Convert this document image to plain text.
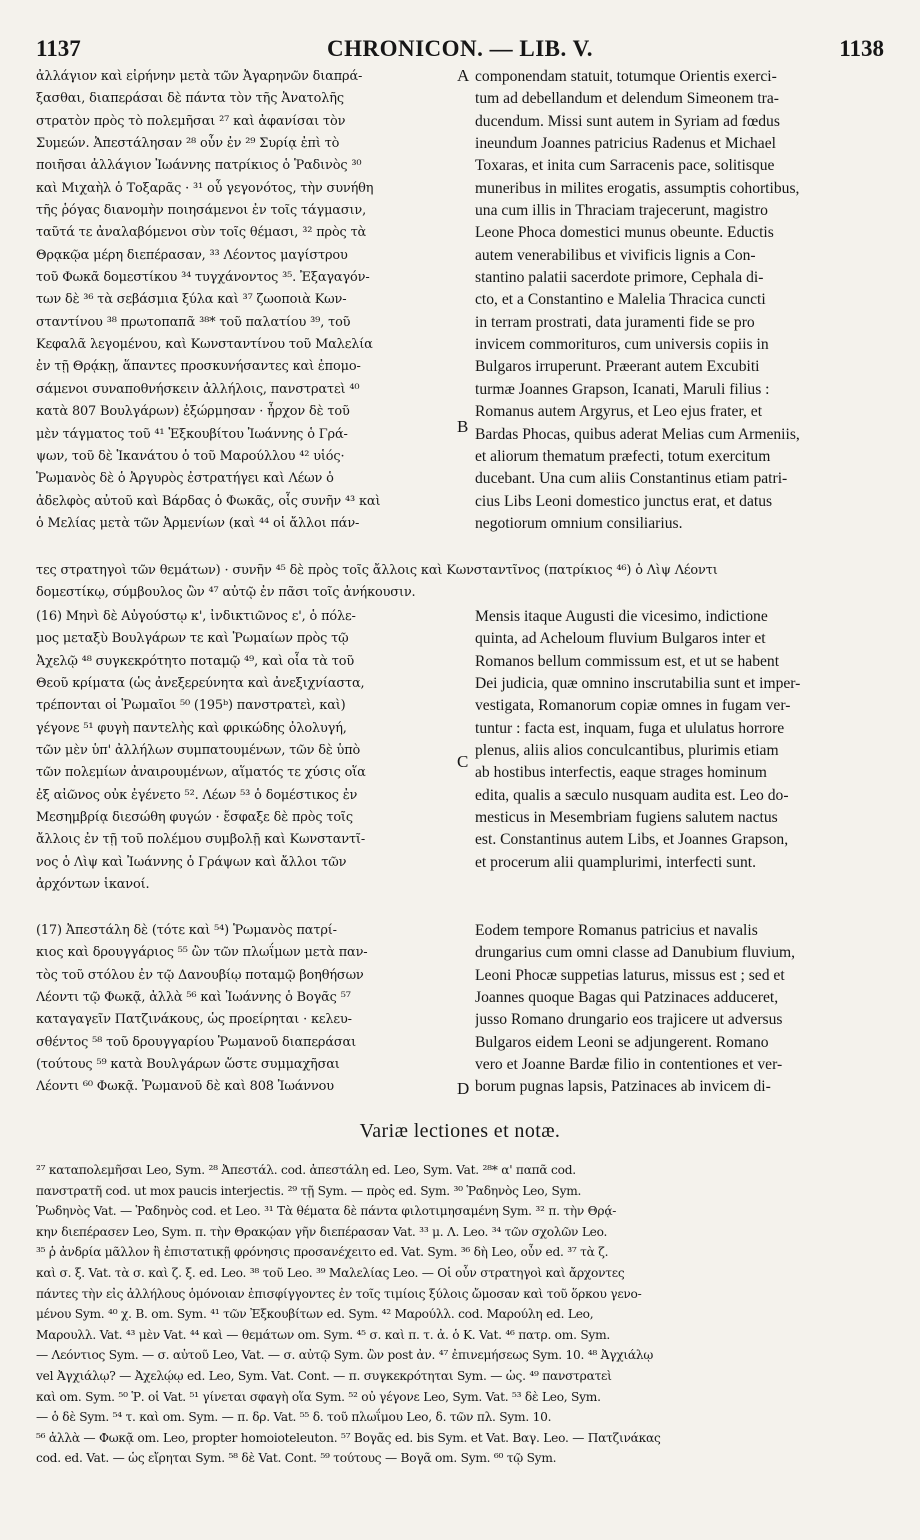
1137	CHRONICON. — LIB. V.	1138
ἀλλάγιον καὶ εἰρήνην μετὰ τῶν Ἀγαρηνῶν διαπρά-
ξασθαι, διαπεράσαι δὲ πάντα τὸν τῆς Ἀνατολῆς
στρατὸν πρὸς τὸ πολεμῆσαι ²⁷ καὶ ἀφανίσαι τὸν
Συμεών. Ἀπεστάλησαν ²⁸ οὖν ἐν ²⁹ Συρίᾳ ἐπὶ τὸ
ποιῆσαι ἀλλάγιον Ἰωάννης πατρίκιος ὁ Ῥαδινὸς ³⁰
καὶ Μιχαὴλ ὁ Τοξαρᾶς · ³¹ οὗ γεγονότος, τὴν συνήθη
τῆς ῥόγας διανομὴν ποιησάμενοι ἐν τοῖς τάγμασιν,
ταῦτά τε ἀναλαβόμενοι σὺν τοῖς θέμασι, ³² πρὸς τὰ
Θρᾳκῷα μέρη διεπέρασαν, ³³ Λέοντος μαγίστρου
τοῦ Φωκᾶ δομεστίκου ³⁴ τυγχάνοντος ³⁵. Ἐξαγαγόν-
των δὲ ³⁶ τὰ σεβάσμια ξύλα καὶ ³⁷ ζωοποιὰ Κων-
σταντίνου ³⁸ πρωτοπαπᾶ ³⁸* τοῦ παλατίου ³⁹, τοῦ
Κεφαλᾶ λεγομένου, καὶ Κωνσταντίνου τοῦ Μαλελία
ἐν τῇ Θρᾴκῃ, ἅπαντες προσκυνήσαντες καὶ ἐπομο-
σάμενοι συναποθνήσκειν ἀλλήλοις, πανστρατεὶ ⁴⁰
κατὰ 807 Βουλγάρων) ἐξώρμησαν · ἦρχον δὲ τοῦ
μὲν τάγματος τοῦ ⁴¹ Ἐξκουβίτου Ἰωάννης ὁ Γρά-
ψων, τοῦ δὲ Ἱκανάτου ὁ τοῦ Μαρούλλου ⁴² υἱός·
Ῥωμανὸς δὲ ὁ Ἀργυρὸς ἐστρατήγει καὶ Λέων ὁ
ἀδελφὸς αὐτοῦ καὶ Βάρδας ὁ Φωκᾶς, οἷς συνῆν ⁴³ καὶ
ὁ Μελίας μετὰ τῶν Ἀρμενίων (καὶ ⁴⁴ οἱ ἄλλοι πάν-
componendam statuit, totumque Orientis exerci-
tum ad debellandum et delendum Simeonem tra-
ducendum. Missi sunt autem in Syriam ad fœdus
ineundum Joannes patricius Radenus et Michael
Toxaras, et inita cum Sarracenis pace, solitisque
muneribus in milites erogatis, assumptis cohortibus,
una cum illis in Thraciam trajecerunt, magistro
Leone Phoca domestici munus obeunte. Eductis
autem venerabilibus et vivificis lignis a Con-
stantino palatii sacerdote primore, Cephala di-
cto, et a Constantino e Malelia Thracica cuncti
in terram prostrati, data juramenti fide se pro
invicem commorituros, cum universis copiis in
Bulgaros irruperunt. Præerant autem Excubiti
turmæ Joannes Grapson, Icanati, Maruli filius :
Romanus autem Argyrus, et Leo ejus frater, et
Bardas Phocas, quibus aderat Melias cum Armeniis,
et aliorum thematum præfecti, totum exercitum
ducebant. Una cum aliis Constantinus etiam patri-
cius Libs Leoni domestico junctus erat, et datus
negotiorum omnium consiliarius.
τες στρατηγοὶ τῶν θεμάτων) · συνῆν ⁴⁵ δὲ πρὸς τοῖς ἄλλοις καὶ Κωνσταντῖνος (πατρίκιος ⁴⁶) ὁ Λὶψ Λέοντι
δομεστίκῳ, σύμβουλος ὢν ⁴⁷ αὐτῷ ἐν πᾶσι τοῖς ἀνήκουσιν.
(16) Μηνὶ δὲ Αὐγούστῳ κ', ἰνδικτιῶνος ε', ὁ πόλε-
μος μεταξὺ Βουλγάρων τε καὶ Ῥωμαίων πρὸς τῷ
Ἀχελῷ ⁴⁸ συγκεκρότητο ποταμῷ ⁴⁹, καὶ οἷα τὰ τοῦ
Θεοῦ κρίματα (ὡς ἀνεξερεύνητα καὶ ἀνεξιχνίαστα,
τρέπονται οἱ Ῥωμαῖοι ⁵⁰ (195ᵇ) πανστρατεὶ, καὶ)
γέγονε ⁵¹ φυγὴ παντελὴς καὶ φρικώδης ὀλολυγή,
τῶν μὲν ὑπ' ἀλλήλων συμπατουμένων, τῶν δὲ ὑπὸ
τῶν πολεμίων ἀναιρουμένων, αἵματός τε χύσις οἵα
ἐξ αἰῶνος οὐκ ἐγένετο ⁵². Λέων ⁵³ ὁ δομέστικος ἐν
Μεσημβρίᾳ διεσώθη φυγών · ἔσφαξε δὲ πρὸς τοῖς
ἄλλοις ἐν τῇ τοῦ πολέμου συμβολῇ καὶ Κωνσταντῖ-
νος ὁ Λὶψ καὶ Ἰωάννης ὁ Γράψων καὶ ἄλλοι τῶν
ἀρχόντων ἱκανοί.
Mensis itaque Augusti die vicesimo, indictione
quinta, ad Acheloum fluvium Bulgaros inter et
Romanos bellum commissum est, et ut se habent
Dei judicia, quæ omnino inscrutabilia sunt et imper-
vestigata, Romanorum copiæ omnes in fugam ver-
tuntur : facta est, inquam, fuga et ululatus horrore
plenus, aliis alios conculcantibus, plurimis etiam
ab hostibus interfectis, eaque strages hominum
edita, qualis a sæculo nusquam audita est. Leo do-
mesticus in Mesembriam fugiens salutem nactus
est. Constantinus autem Libs, et Joannes Grapson,
et procerum alii quamplurimi, interfecti sunt.
(17) Ἀπεστάλη δὲ (τότε καὶ ⁵⁴) Ῥωμανὸς πατρί-
κιος καὶ δρουγγάριος ⁵⁵ ὢν τῶν πλωΐμων μετὰ παν-
τὸς τοῦ στόλου ἐν τῷ Δανουβίῳ ποταμῷ βοηθήσων
Λέοντι τῷ Φωκᾷ, ἀλλὰ ⁵⁶ καὶ Ἰωάννης ὁ Βογᾶς ⁵⁷
καταγαγεῖν Πατζινάκους, ὡς προείρηται · κελευ-
σθέντος ⁵⁸ τοῦ δρουγγαρίου Ῥωμανοῦ διαπεράσαι
(τούτους ⁵⁹ κατὰ Βουλγάρων ὥστε συμμαχῆσαι
Λέοντι ⁶⁰ Φωκᾷ. Ῥωμανοῦ δὲ καὶ 808 Ἰωάννου
Eodem tempore Romanus patricius et navalis
drungarius cum omni classe ad Danubium fluvium,
Leoni Phocæ suppetias laturus, missus est ; sed et
Joannes quoque Bagas qui Patzinaces adduceret,
jusso Romano drungario eos trajicere ut adversus
Bulgaros eidem Leoni se adjungerent. Romano
vero et Joanne Bardæ filio in contentiones et ver-
borum pugnas lapsis, Patzinaces ab invicem di-
A
B
C
D
Variæ lectiones et notæ.
²⁷ καταπολεμῆσαι Leo, Sym. ²⁸ Ἀπεστάλ. cod. ἀπεστάλη ed. Leo, Sym. Vat. ²⁸* α' παπᾶ cod.
πανστρατῆ cod. ut mox paucis interjectis. ²⁹ τῇ Sym. — πρὸς ed. Sym. ³⁰ Ῥαδηνὸς Leo, Sym.
Ῥωδηνὸς Vat. — Ῥαδηνὸς cod. et Leo. ³¹ Τὰ θέματα δὲ πάντα φιλοτιμησαμένη Sym. ³² π. τὴν Θρᾴ-
κην διεπέρασεν Leo, Sym. π. τὴν Θρακῴαν γῆν διεπέρασαν Vat. ³³ μ. Λ. Leo. ³⁴ τῶν σχολῶν Leo.
³⁵ ῥ ἀνδρία μᾶλλον ἢ ἐπιστατικῇ φρόνησις προσανέχειτο ed. Vat. Sym. ³⁶ δὴ Leo, οὖν ed. ³⁷ τὰ ζ.
καὶ σ. ξ. Vat. τὰ σ. καὶ ζ. ξ. ed. Leo. ³⁸ τοῦ Leo. ³⁹ Μαλελίας Leo. — Οἱ οὖν στρατηγοὶ καὶ ἄρχοντες
πάντες τὴν εἰς ἀλλήλους ὁμόνοιαν ἐπισφίγγοντες ἐν τοῖς τιμίοις ξύλοις ὤμοσαν καὶ τοῦ ὅρκου γενο-
μένου Sym. ⁴⁰ χ. Β. om. Sym. ⁴¹ τῶν Ἐξκουβίτων ed. Sym. ⁴² Μαρούλλ. cod. Μαρούλη ed. Leo,
Μαρουλλ. Vat. ⁴³ μὲν Vat. ⁴⁴ καὶ — θεμάτων om. Sym. ⁴⁵ σ. καὶ π. τ. ἀ. ὁ Κ. Vat. ⁴⁶ πατρ. om. Sym.
— Λεόντιος Sym. — σ. αὐτοῦ Leo, Vat. — σ. αὐτῷ Sym. ὢν post ἀν. ⁴⁷ ἐπινεμήσεως Sym. 10. ⁴⁸ Ἀγχιάλῳ
vel Ἀγχιάλῳ? — Ἀχελῴῳ ed. Leo, Sym. Vat. Cont. — π. συγκεκρότηται Sym. — ὡς. ⁴⁹ πανστρατεὶ
καὶ om. Sym. ⁵⁰ Ῥ. οἱ Vat. ⁵¹ γίνεται σφαγὴ οἵα Sym. ⁵² οὐ γέγονε Leo, Sym. Vat. ⁵³ δὲ Leo, Sym.
— ὁ δὲ Sym. ⁵⁴ τ. καὶ om. Sym. — π. δρ. Vat. ⁵⁵ δ. τοῦ πλωΐμου Leo, δ. τῶν πλ. Sym. 10.
⁵⁶ ἀλλὰ — Φωκᾷ om. Leo, propter homoioteleuton. ⁵⁷ Βογᾶς ed. bis Sym. et Vat. Βαγ. Leo. — Πατζινάκας
cod. ed. Vat. — ὡς εἴρηται Sym. ⁵⁸ δὲ Vat. Cont. ⁵⁹ τούτους — Βογᾶ om. Sym. ⁶⁰ τῷ Sym.
